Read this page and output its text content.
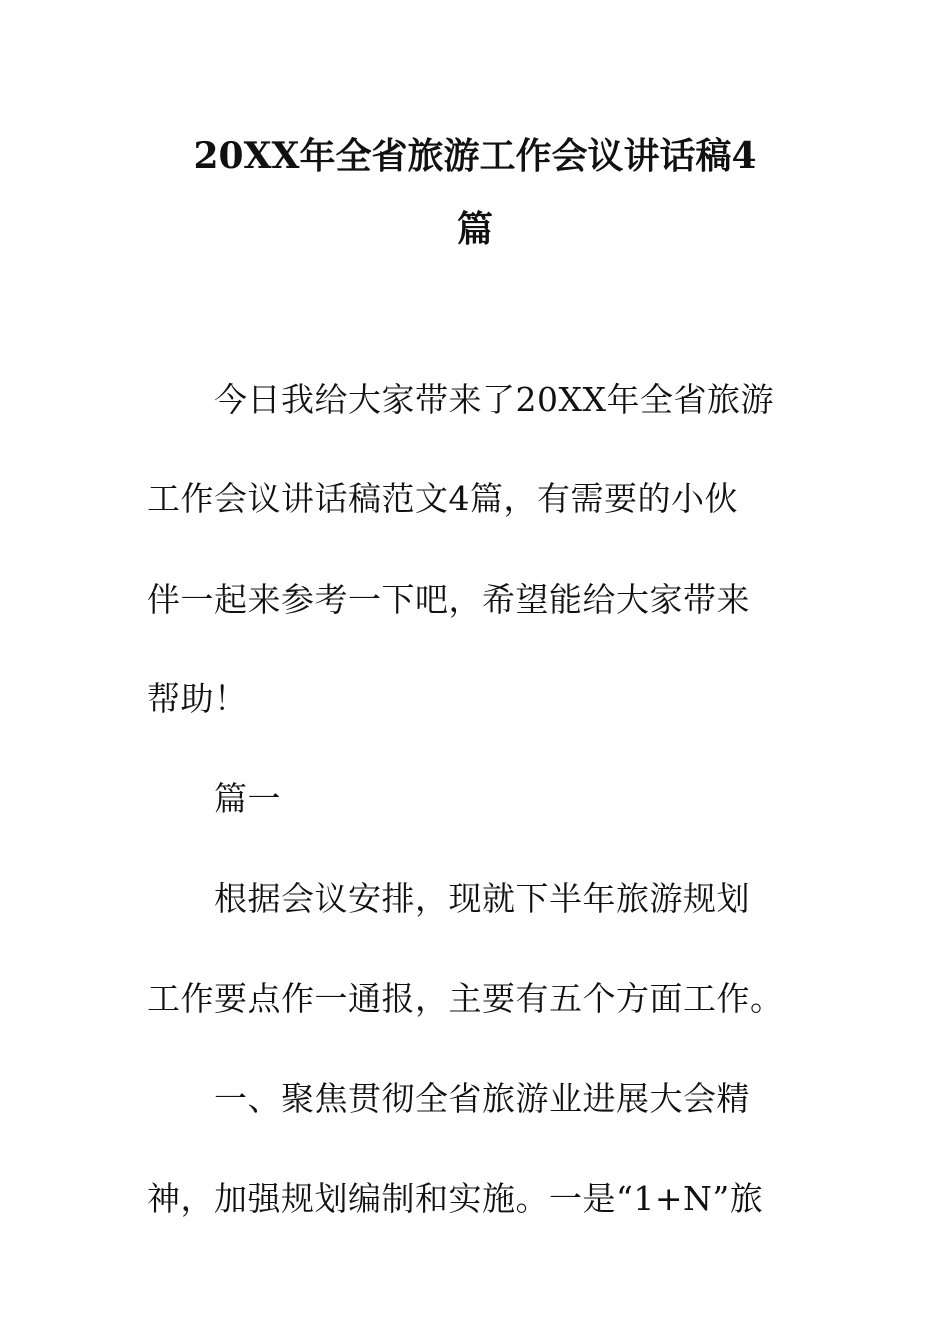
20XX年全省旅游工作会议讲话稿4
篇
今日我给大家带来了20XX年全省旅游
工作会议讲话稿范文4篇，有需要的小伙
伴一起来参考一下吧，希望能给大家带来
帮助！
篇一
根据会议安排，现就下半年旅游规划
工作要点作一通报，主要有五个方面工作。
一、聚焦贯彻全省旅游业进展大会精
神，加强规划编制和实施。一是“1+N”旅
